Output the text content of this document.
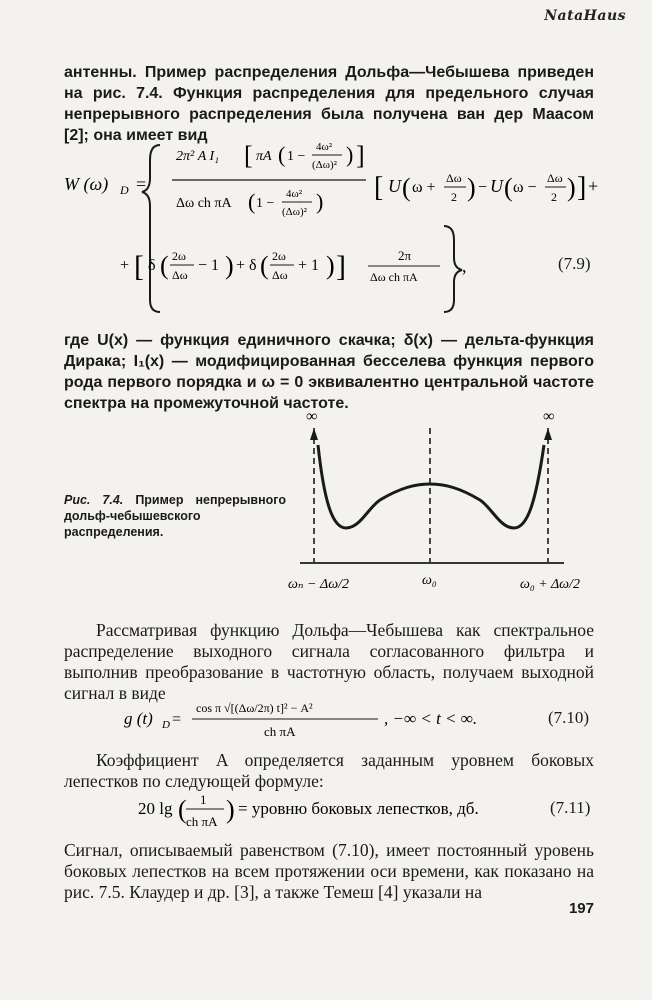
NataHaus
антенны. Пример распределения Дольфа—Чебышева приведен на рис. 7.4. Функция распределения для предельного случая непрерывного распределения была получена ван дер Маасом [2]; она имеет вид
W (ω) D =
2π² A I₁ [ πA ( 1 −
4ω²
(Δω)² ) ]
Δω ch πA ( 1 −
4ω²
(Δω)² ) [ U ( ω +
Δω
2 ) − U ( ω −
Δω
2 ) ] +
+ [ δ ( 2ω
Δω
− 1 ) + δ ( 2ω
Δω
+ 1 ) ]	2π
Δω ch πA
,	(7.9)
где U(x) — функция единичного скачка; δ(x) — дельта-функция Дирака; I₁(x) — модифицированная бесселева функция первого рода первого порядка и ω = 0 эквивалентно центральной частоте спектра на промежуточной частоте.
Рис. 7.4. Пример непрерывного дольф-чебышевского распределения.
∞	∞
ωₙ − Δω/2	ω₀	ω₀ + Δω/2
Рассматривая функцию Дольфа—Чебышева как спектральное распределение выходного сигнала согласованного фильтра и выполнив преобразование в частотную область, получаем выходной сигнал в виде
g (t) D =
cos π √[(Δω/2π) t]² − A²
ch πA
, −∞ < t < ∞.	(7.10)
Коэффициент A определяется заданным уровнем боковых лепестков по следующей формуле:
20 lg ( 1
ch πA ) = уровню боковых лепестков, дб.	(7.11)
Сигнал, описываемый равенством (7.10), имеет постоянный уровень боковых лепестков на всем протяжении оси времени, как показано на рис. 7.5. Клаудер и др. [3], а также Темеш [4] указали на
197
